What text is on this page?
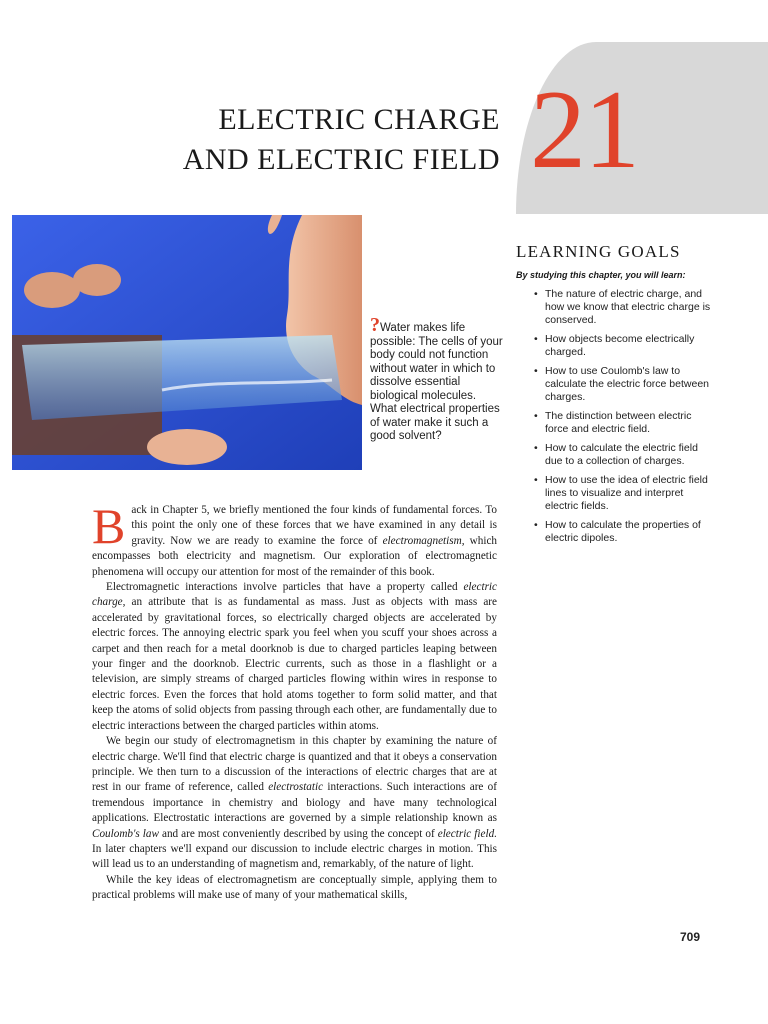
21
ELECTRIC CHARGE
AND ELECTRIC FIELD
?Water makes life possible: The cells of your body could not function without water in which to dissolve essential biological molecules. What electrical properties of water make it such a good solvent?
LEARNING GOALS
By studying this chapter, you will learn:
• The nature of electric charge, and how we know that electric charge is conserved.
• How objects become electrically charged.
• How to use Coulomb's law to calculate the electric force between charges.
• The distinction between electric force and electric field.
• How to calculate the electric field due to a collection of charges.
• How to use the idea of electric field lines to visualize and interpret electric fields.
• How to calculate the properties of electric dipoles.

Back in Chapter 5, we briefly mentioned the four kinds of fundamental forces. To this point the only one of these forces that we have examined in any detail is gravity. Now we are ready to examine the force of electromagnetism, which encompasses both electricity and magnetism. Our exploration of electromagnetic phenomena will occupy our attention for most of the remainder of this book.

Electromagnetic interactions involve particles that have a property called electric charge, an attribute that is as fundamental as mass. Just as objects with mass are accelerated by gravitational forces, so electrically charged objects are accelerated by electric forces. The annoying electric spark you feel when you scuff your shoes across a carpet and then reach for a metal doorknob is due to charged particles leaping between your finger and the doorknob. Electric currents, such as those in a flashlight or a television, are simply streams of charged particles flowing within wires in response to electric forces. Even the forces that hold atoms together to form solid matter, and that keep the atoms of solid objects from passing through each other, are fundamentally due to electric interactions between the charged particles within atoms.

We begin our study of electromagnetism in this chapter by examining the nature of electric charge. We'll find that electric charge is quantized and that it obeys a conservation principle. We then turn to a discussion of the interactions of electric charges that are at rest in our frame of reference, called electrostatic interactions. Such interactions are of tremendous importance in chemistry and biology and have many technological applications. Electrostatic interactions are governed by a simple relationship known as Coulomb's law and are most conveniently described by using the concept of electric field. In later chapters we'll expand our discussion to include electric charges in motion. This will lead us to an understanding of magnetism and, remarkably, of the nature of light.

While the key ideas of electromagnetism are conceptually simple, applying them to practical problems will make use of many of your mathematical skills,

709
